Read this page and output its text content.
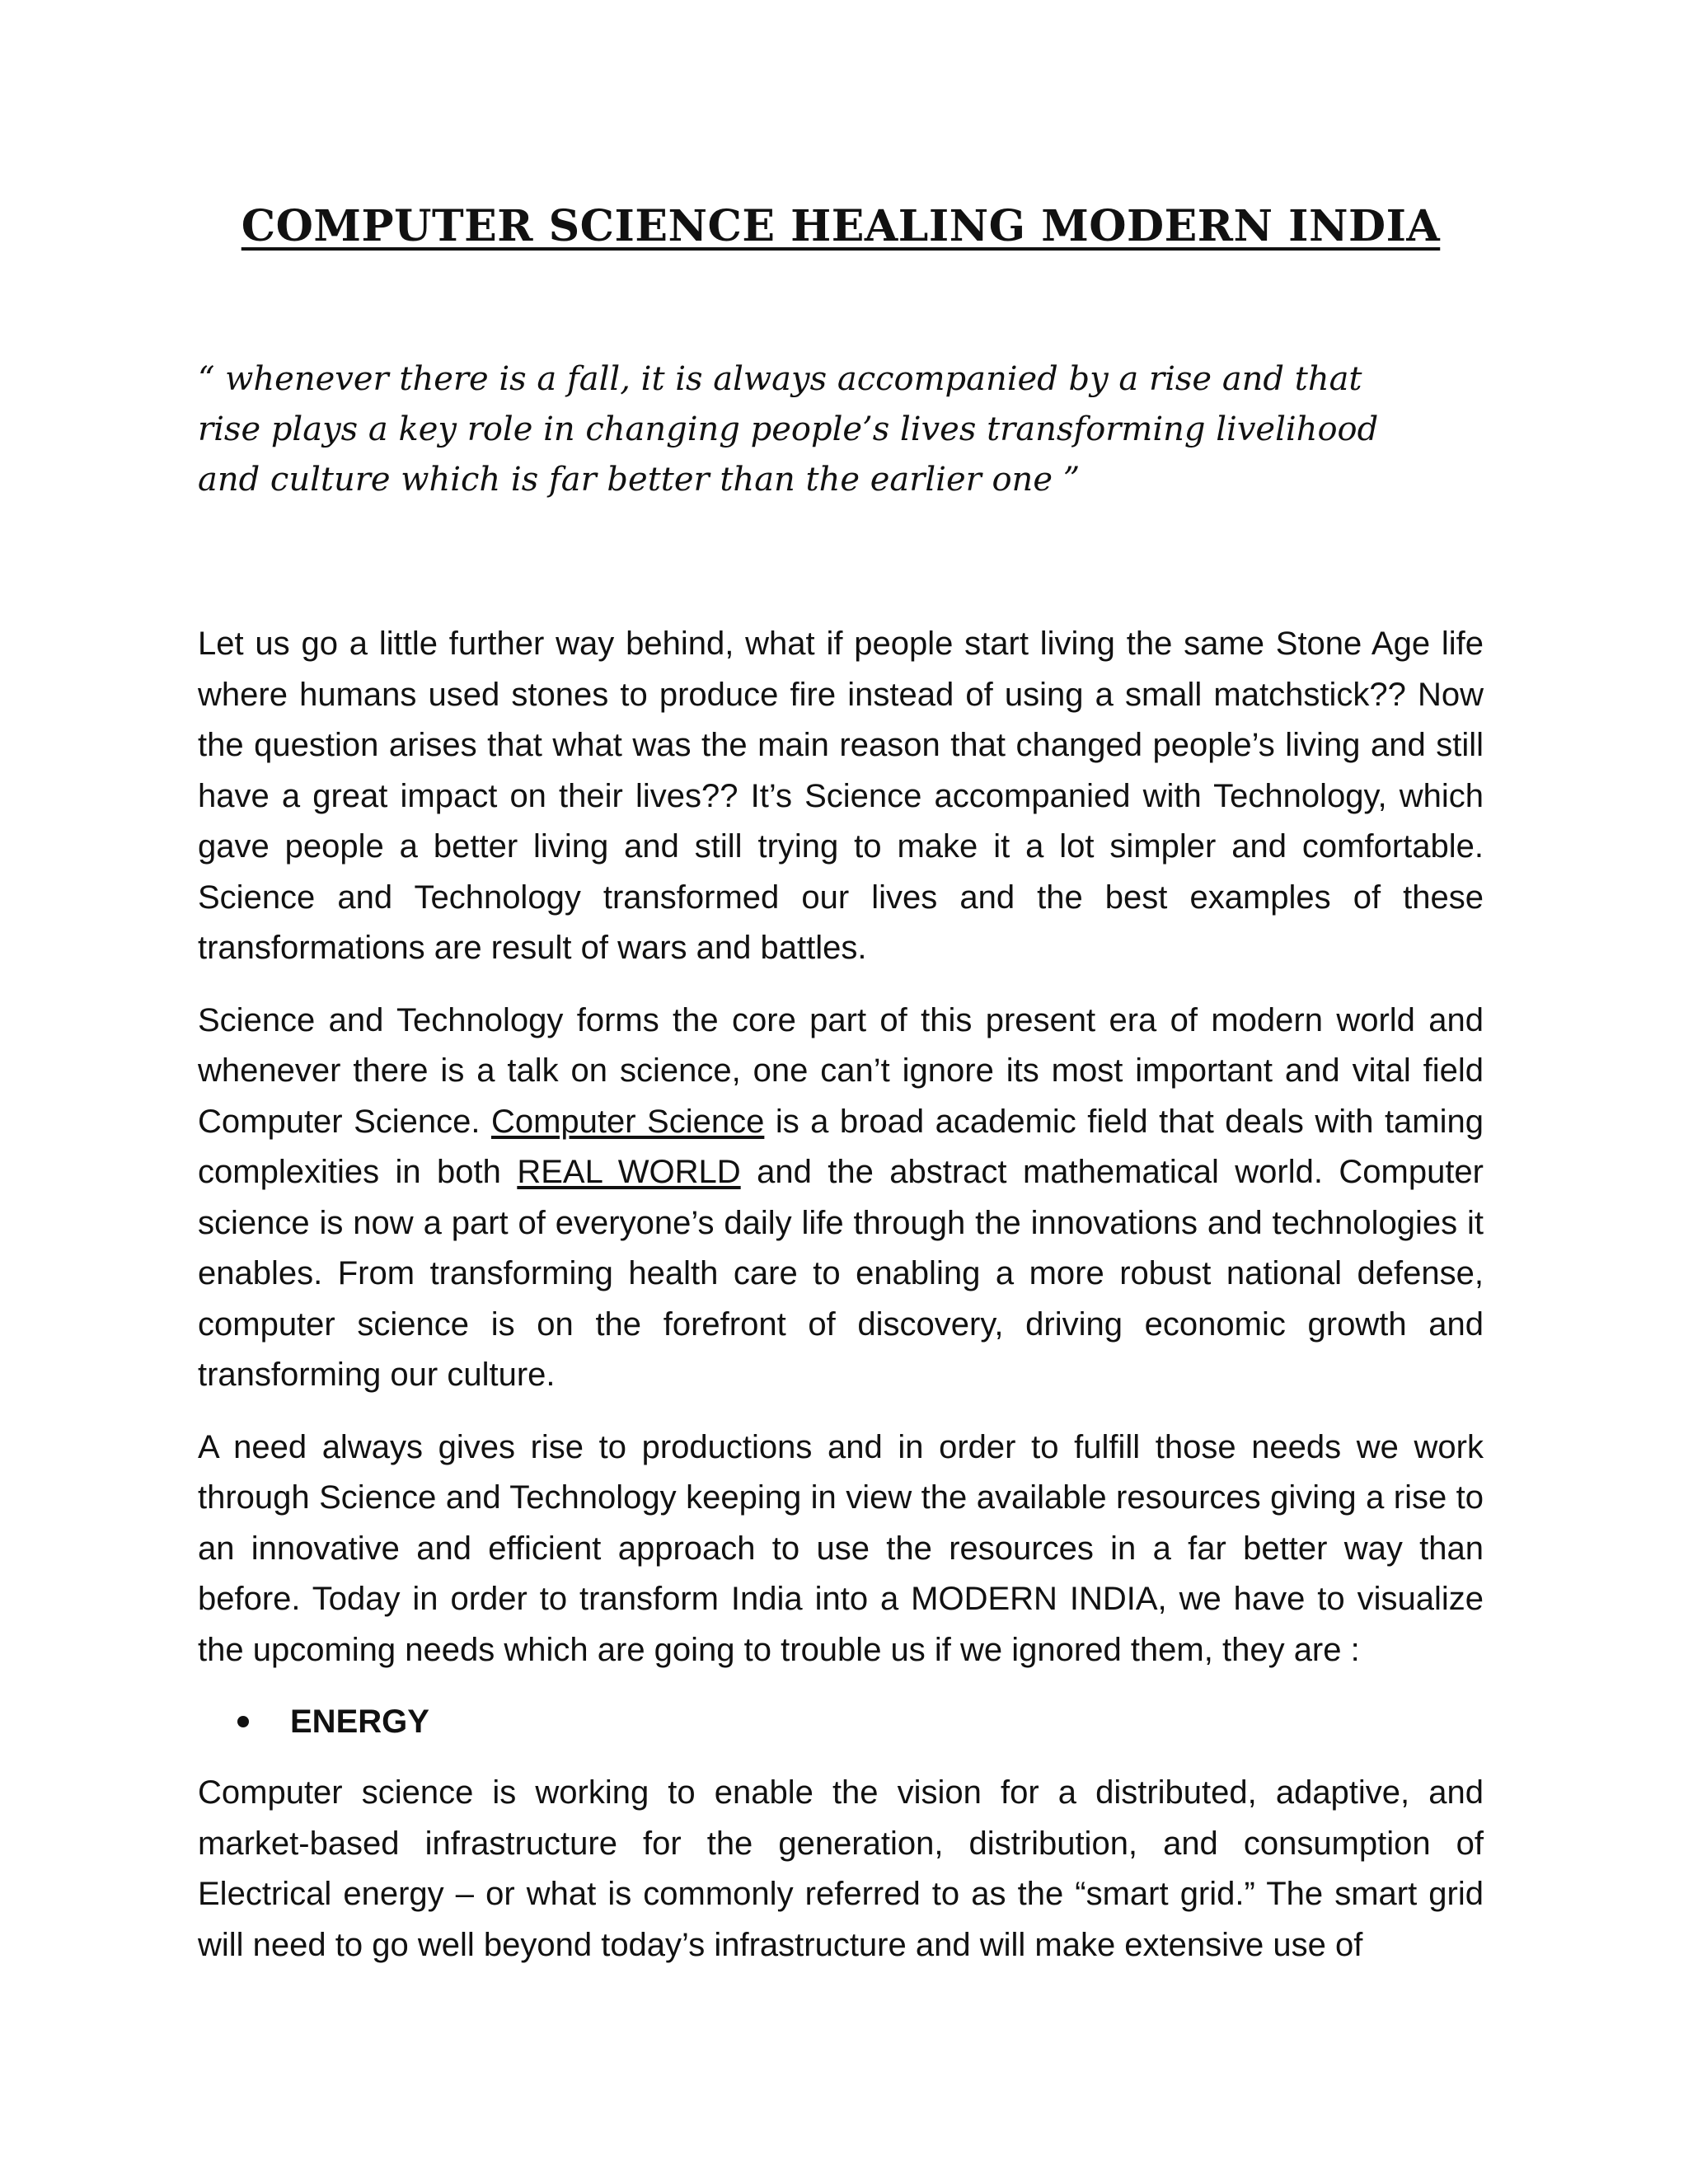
COMPUTER SCIENCE HEALING MODERN INDIA

“ whenever there is a fall, it is always accompanied by a rise and that rise plays a key role in changing people’s lives transforming livelihood and culture which is far better than the earlier one ”

Let us go a little further way behind, what if people start living the same Stone Age life where humans used stones to produce fire instead of using a small matchstick?? Now the question arises that what was the main reason that changed people’s living and still have a great impact on their lives?? It’s Science accompanied with Technology, which gave people a better living and still trying to make it a lot simpler and comfortable. Science and Technology transformed our lives and the best examples of these transformations are result of wars and battles.

Science and Technology forms the core part of this present era of modern world and whenever there is a talk on science, one can’t ignore its most important and vital field Computer Science. Computer Science is a broad academic field that deals with taming complexities in both REAL WORLD and the abstract mathematical world. Computer science is now a part of everyone’s daily life through the innovations and technologies it enables. From transforming health care to enabling a more robust national defense, computer science is on the forefront of discovery, driving economic growth and transforming our culture.

A need always gives rise to productions and in order to fulfill those needs we work through Science and Technology keeping in view the available resources giving a rise to an innovative and efficient approach to use the resources in a far better way than before. Today in order to transform India into a MODERN INDIA, we have to visualize the upcoming needs which are going to trouble us if we ignored them, they are :

ENERGY

Computer science is working to enable the vision for a distributed, adaptive, and market-based infrastructure for the generation, distribution, and consumption of Electrical energy – or what is commonly referred to as the “smart grid.” The smart grid will need to go well beyond today’s infrastructure and will make extensive use of
